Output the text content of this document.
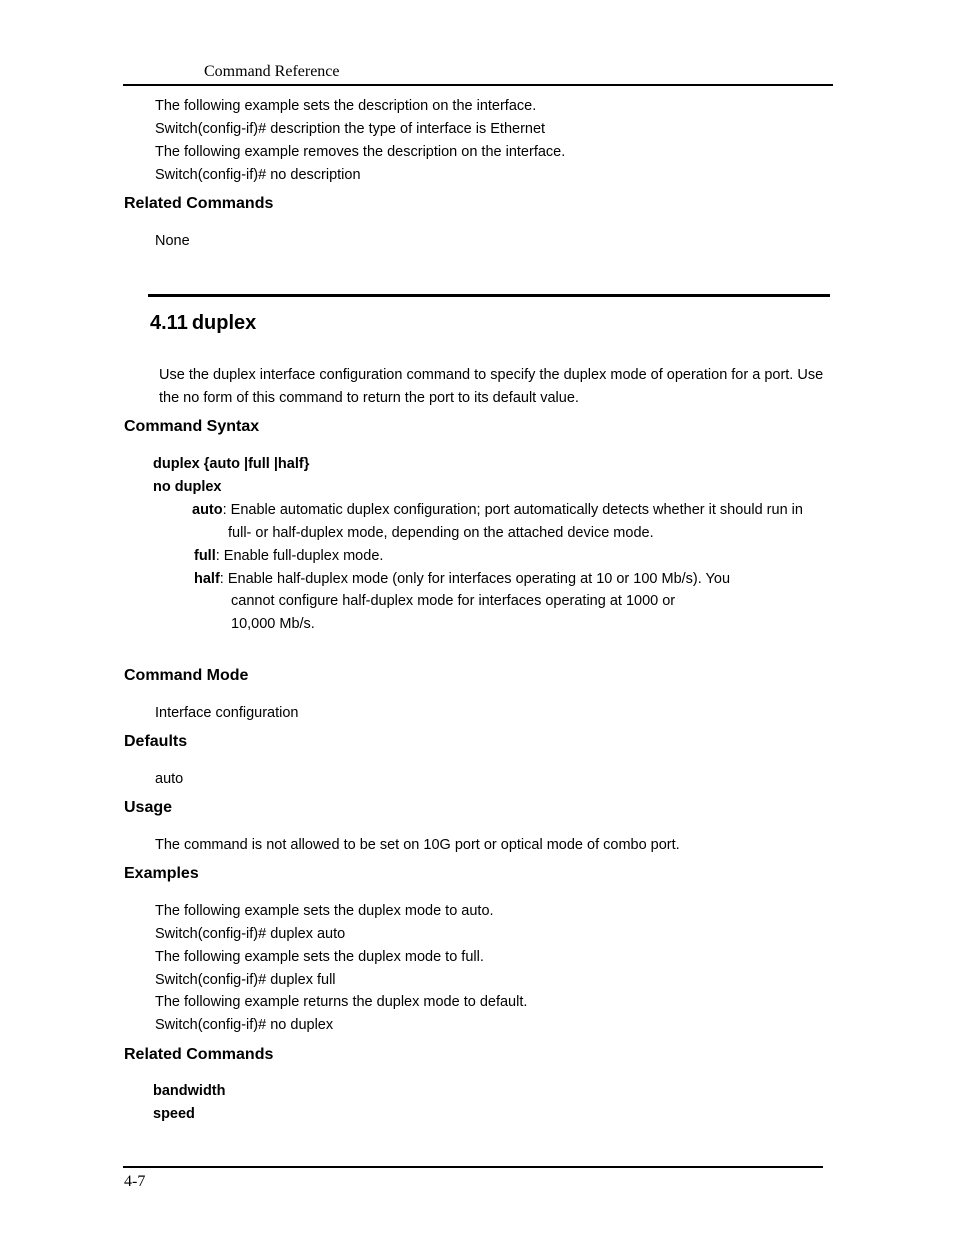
Command Reference
The following example sets the description on the interface.
Switch(config-if)# description the type of interface is Ethernet
The following example removes the description on the interface.
Switch(config-if)# no description
Related Commands
None
4.11 duplex
Use the duplex interface configuration command to specify the duplex mode of operation for a port. Use
the no form of this command to return the port to its default value.
Command Syntax
duplex {auto |full |half}
no duplex
auto: Enable automatic duplex configuration; port automatically detects whether it should run in
full- or half-duplex mode, depending on the attached device mode.
full: Enable full-duplex mode.
half: Enable half-duplex mode (only for interfaces operating at 10 or 100 Mb/s). You
cannot configure half-duplex mode for interfaces operating at 1000 or
10,000 Mb/s.
Command Mode
Interface configuration
Defaults
auto
Usage
The command is not allowed to be set on 10G port or optical mode of combo port.
Examples
The following example sets the duplex mode to auto.
Switch(config-if)# duplex auto
The following example sets the duplex mode to full.
Switch(config-if)# duplex full
The following example returns the duplex mode to default.
Switch(config-if)# no duplex
Related Commands
bandwidth
speed
4-7
